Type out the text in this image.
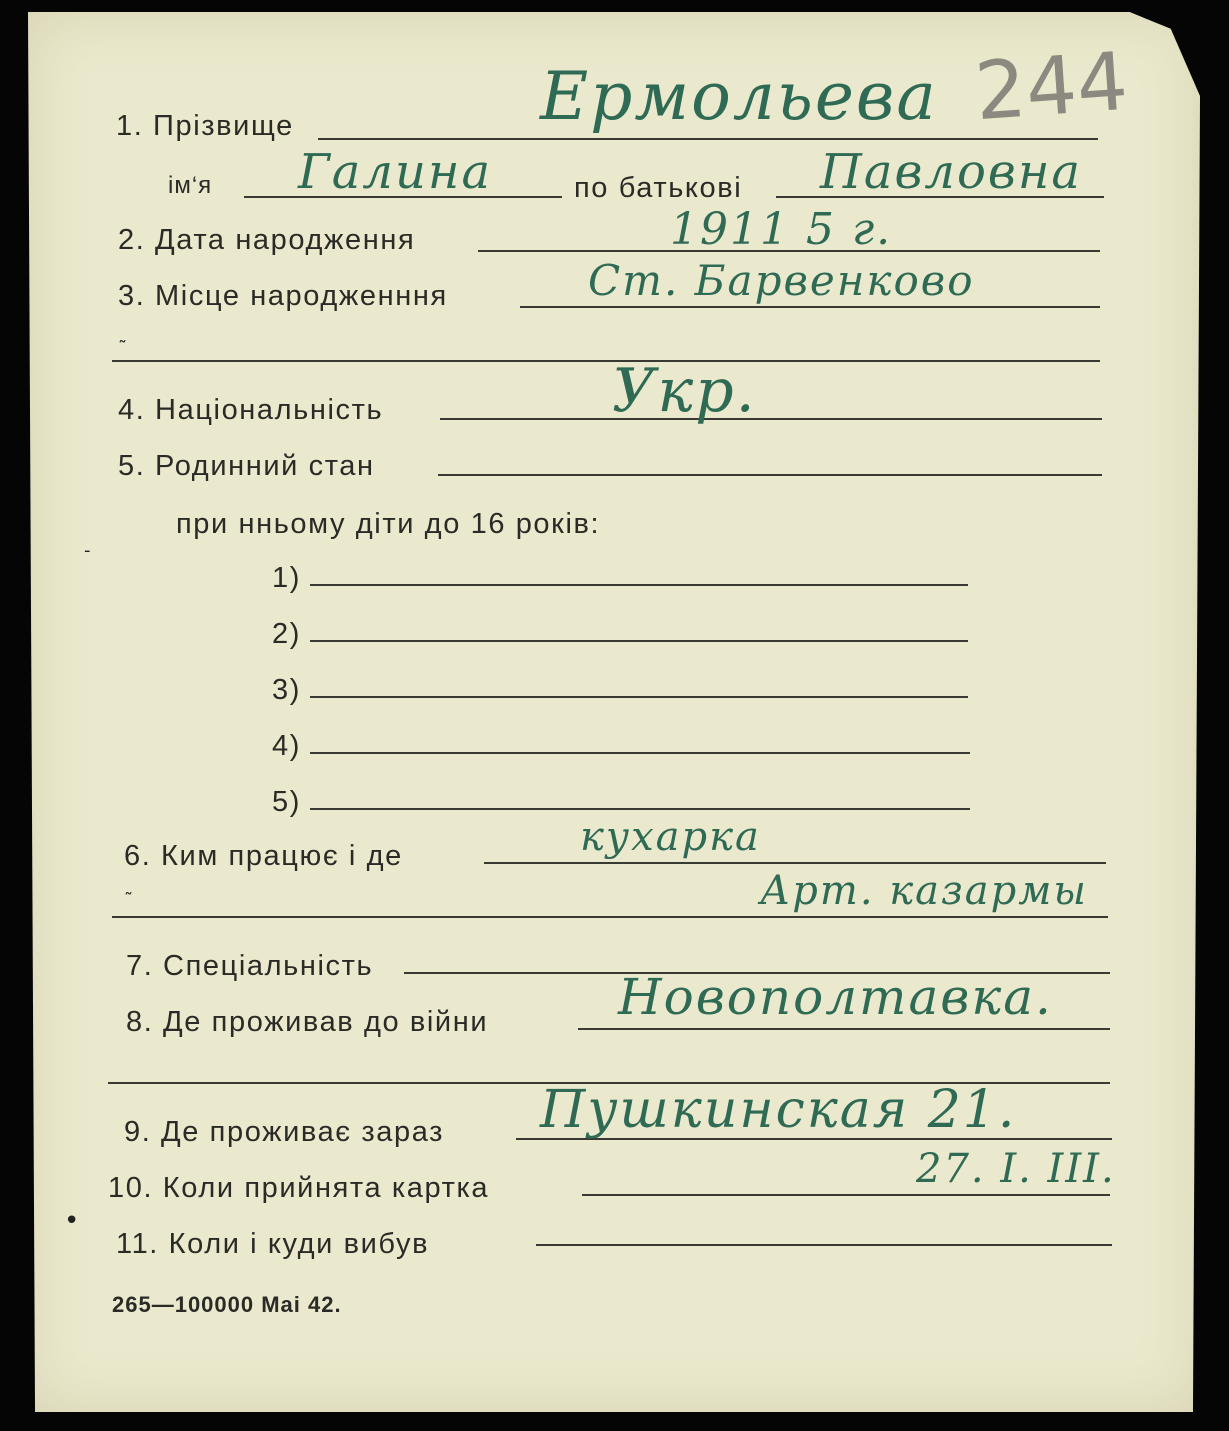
1. Прізвище	Ермольева 244
ім‘я Галина	по батькові Павловна
2. Дата народження	1911 5 г.
3. Місце народженння	Ст. Барвенково
˜
4. Національність	Укр.
5. Родинний стан
при нньому діти до 16 років:
‐
1)
2)
3)
4)
5)
6. Ким працює і де	кухарка
Арт. казармы
˜
7. Спеціальність
8. Де проживав до війни	Новополтавка.
9. Де проживає зараз Пушкинская 21.
10. Коли прийнята картка	27. I. III.
11. Коли і куди вибув
•
265—100000 Mai 42.
